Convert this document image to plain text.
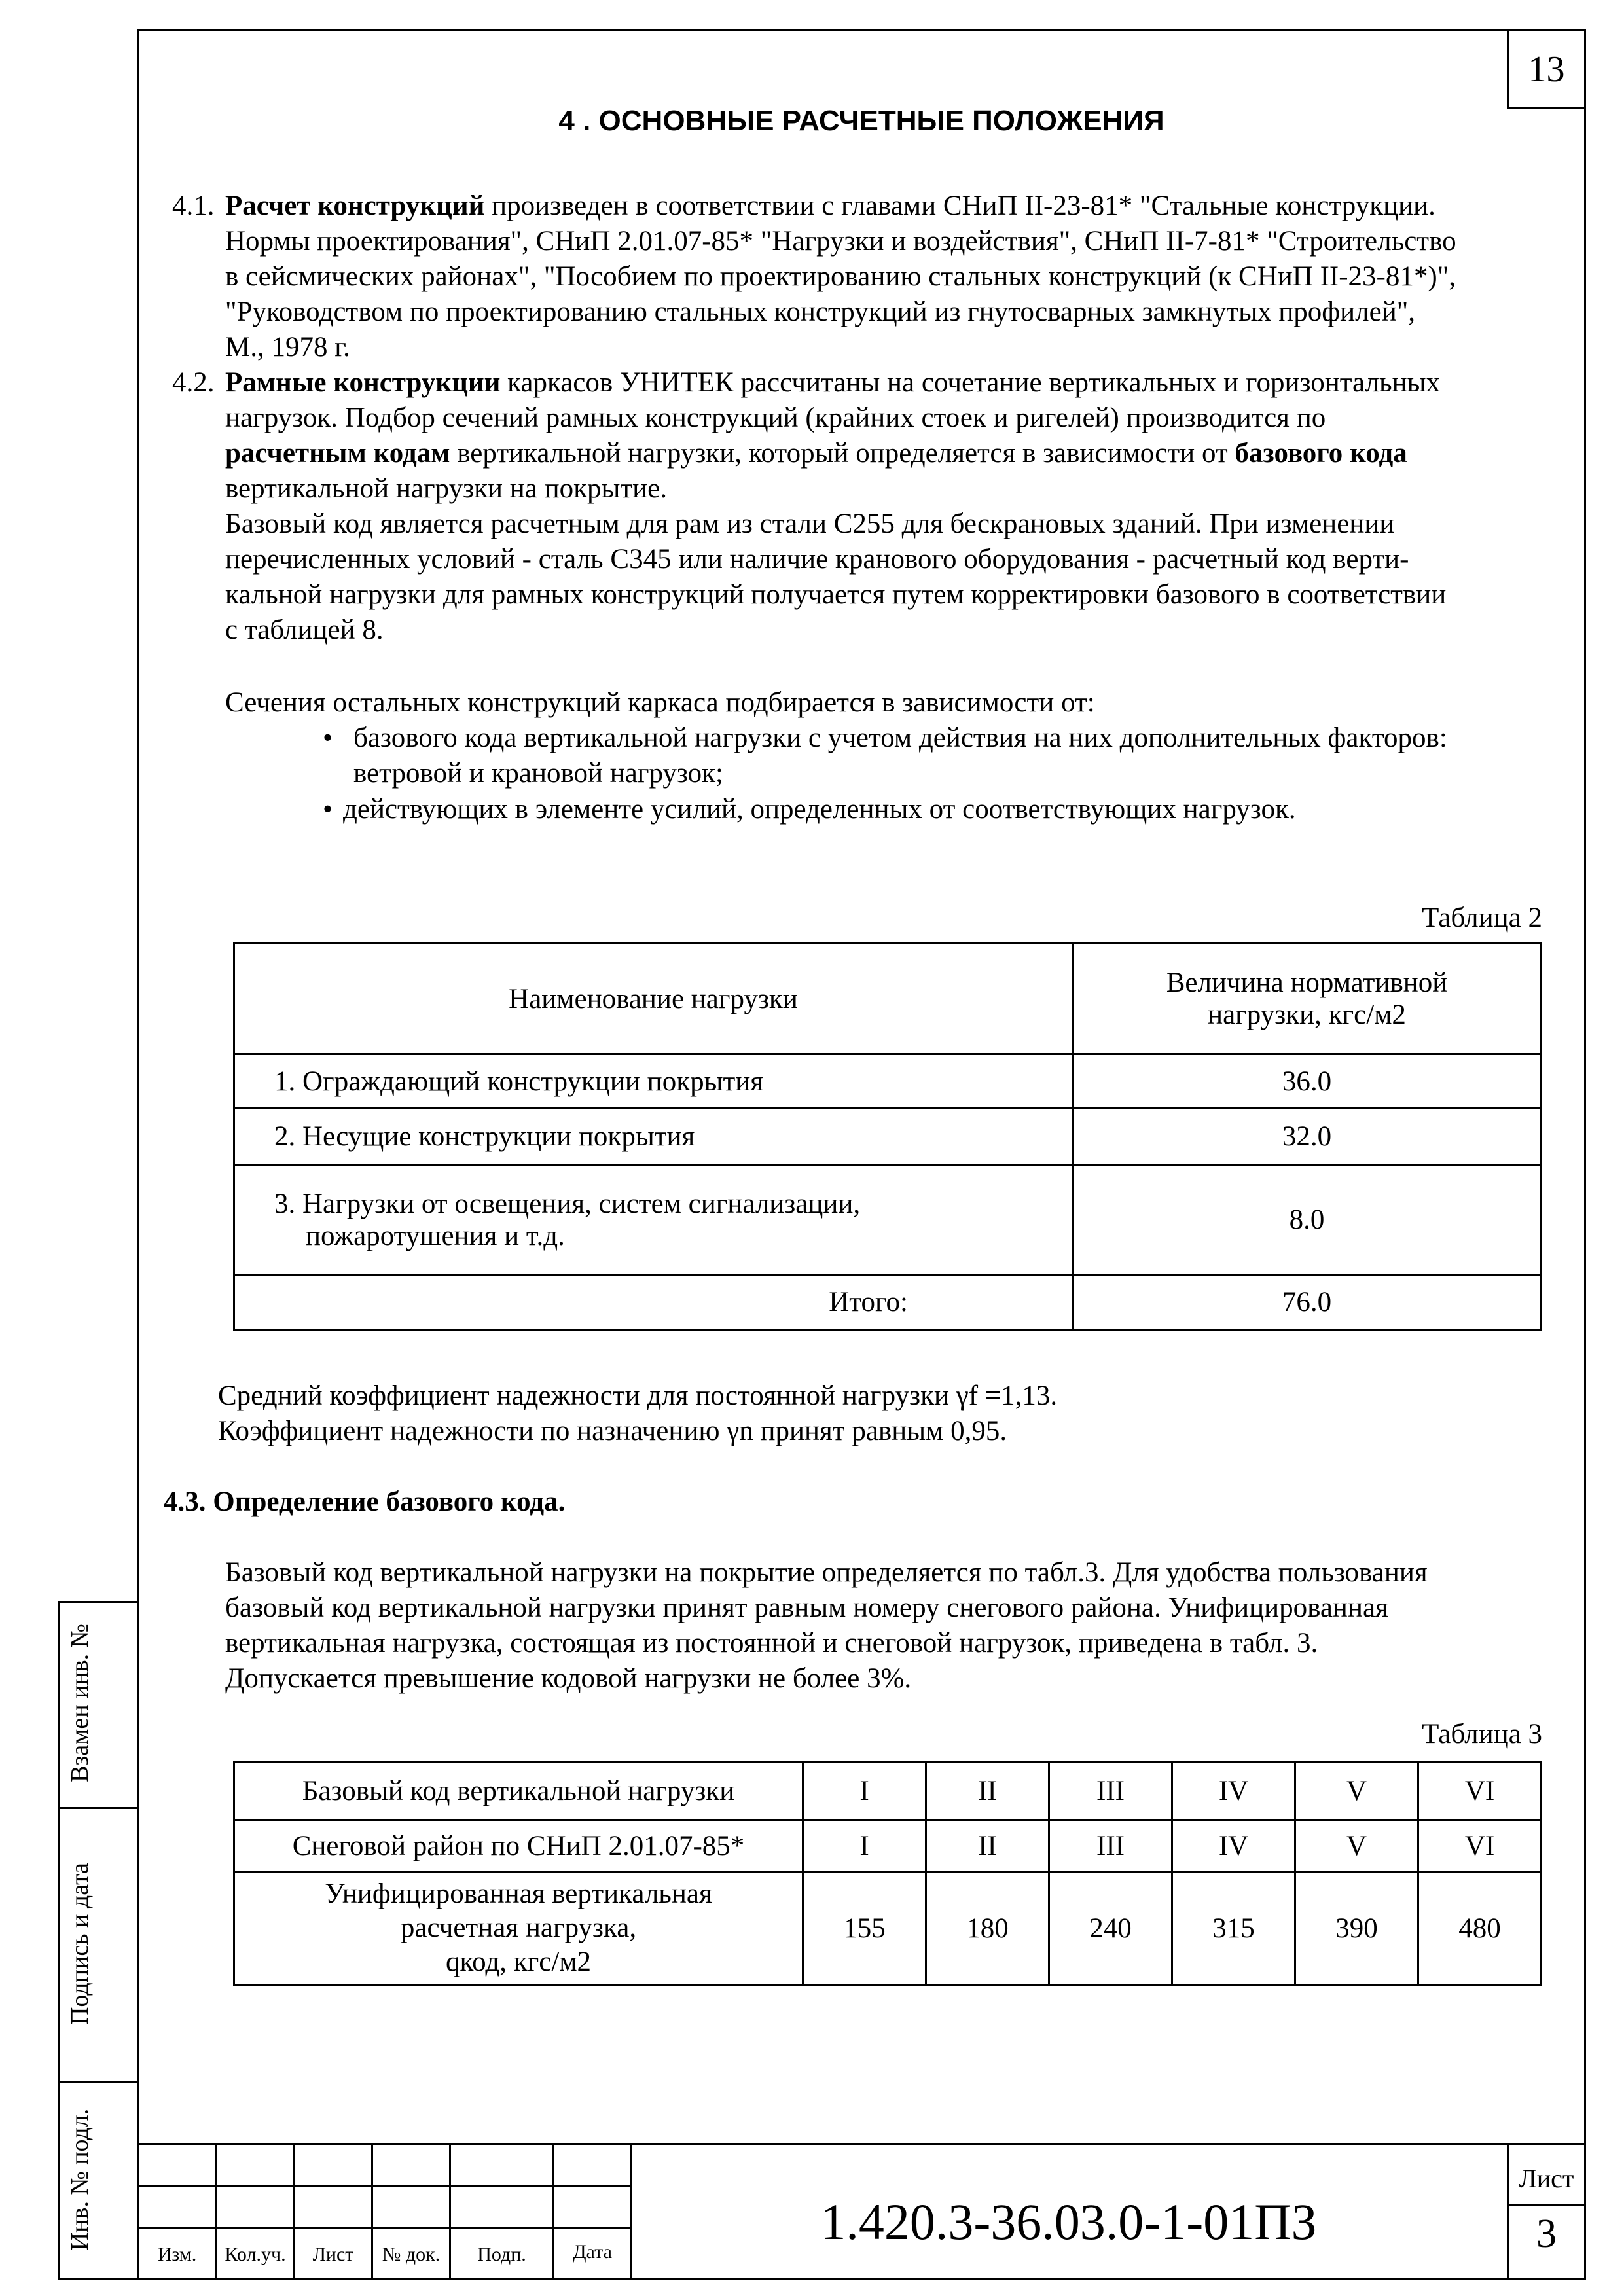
13
4 . ОСНОВНЫЕ РАСЧЕТНЫЕ ПОЛОЖЕНИЯ
4.1. Расчет конструкций произведен в соответствии с главами СНиП II-23-81* "Стальные конструкции.
Нормы проектирования", СНиП 2.01.07-85* "Нагрузки и воздействия", СНиП II-7-81* "Строительство
в сейсмических районах", "Пособием по проектированию стальных конструкций (к СНиП II-23-81*)",
"Руководством по проектированию стальных конструкций из гнутосварных замкнутых профилей",
М., 1978 г.
4.2. Рамные конструкции каркасов УНИТЕК рассчитаны на сочетание вертикальных и горизонтальных
нагрузок. Подбор сечений рамных конструкций (крайних стоек и ригелей) производится по
расчетным кодам вертикальной нагрузки, который определяется в зависимости от базового кода
вертикальной нагрузки на покрытие.
Базовый код является расчетным для рам из стали С255 для бескрановых зданий. При изменении
перечисленных условий - сталь С345 или наличие кранового оборудования - расчетный код верти-
кальной нагрузки для рамных конструкций получается путем корректировки базового в соответствии
с таблицей 8.
Сечения остальных конструкций каркаса подбирается в зависимости от:
• базового кода вертикальной нагрузки с учетом действия на них дополнительных факторов:
ветровой и крановой нагрузок;
• действующих в элементе усилий, определенных от соответствующих нагрузок.
Таблица 2
Наименование нагрузки	Величина нормативной
нагрузки, кгс/м2

1. Ограждающий конструкции покрытия	36.0
2. Несущие конструкции покрытия	32.0

3. Нагрузки от освещения, систем сигнализации,
пожаротушения и т.д.	8.0
Итого:	76.0
Средний коэффициент надежности для постоянной нагрузки γf =1,13.
Коэффициент надежности по назначению γn принят равным 0,95.
4.3. Определение базового кода.
Базовый код вертикальной нагрузки на покрытие определяется по табл.3. Для удобства пользования
базовый код вертикальной нагрузки принят равным номеру снегового района. Унифицированная
вертикальная нагрузка, состоящая из постоянной и снеговой нагрузок, приведена в табл. 3.
Допускается превышение кодовой нагрузки не более 3%.
Таблица 3
Базовый код вертикальной нагрузки	I	II	III	IV	V	VI
Снеговой район по СНиП 2.01.07-85*	I	II	III	IV	V	VI

Унифицированная вертикальная
расчетная нагрузка,
qкод, кгс/м2	155	180	240	315	390	480
Взамен инв. №
Подпись и дата
Инв. № подл.
Изм.	Кол.уч.	Лист	№ док.	Подп.	Дата
1.420.3-36.03.0-1-01ПЗ
Лист
3
